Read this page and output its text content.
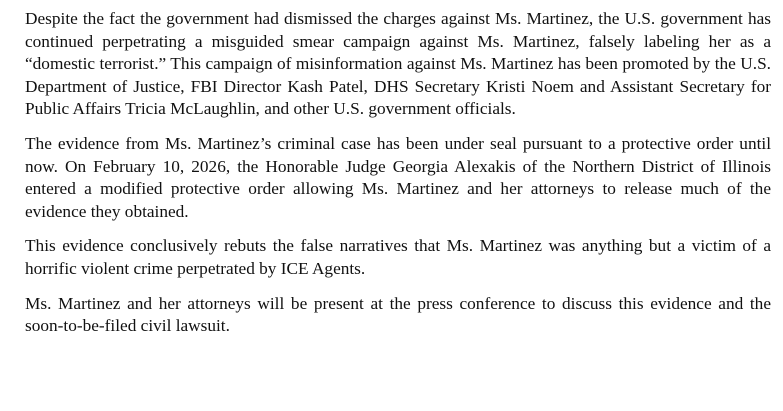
Despite the fact the government had dismissed the charges against Ms. Martinez, the U.S. government has continued perpetrating a misguided smear campaign against Ms. Martinez, falsely labeling her as a “domestic terrorist.” This campaign of misinformation against Ms. Martinez has been promoted by the U.S. Department of Justice, FBI Director Kash Patel, DHS Secretary Kristi Noem and Assistant Secretary for Public Affairs Tricia McLaughlin, and other U.S. government officials.

The evidence from Ms. Martinez’s criminal case has been under seal pursuant to a protective order until now. On February 10, 2026, the Honorable Judge Georgia Alexakis of the Northern District of Illinois entered a modified protective order allowing Ms. Martinez and her attorneys to release much of the evidence they obtained.

This evidence conclusively rebuts the false narratives that Ms. Martinez was anything but a victim of a horrific violent crime perpetrated by ICE Agents.

Ms. Martinez and her attorneys will be present at the press conference to discuss this evidence and the soon-to-be-filed civil lawsuit.
